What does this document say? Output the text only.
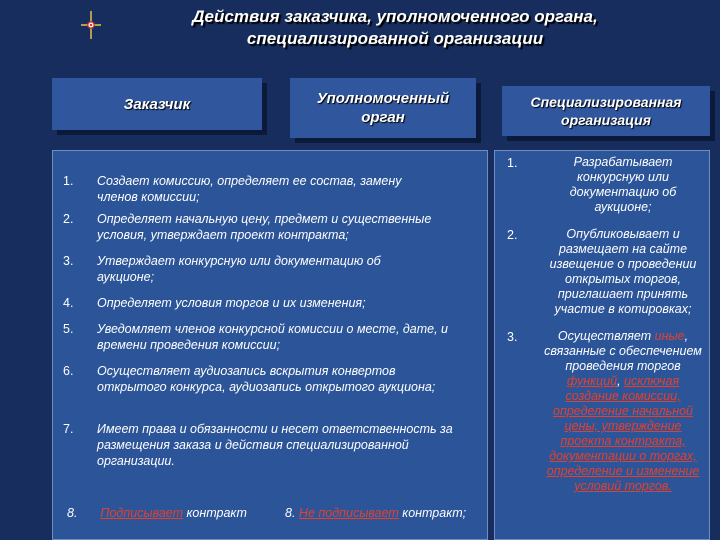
Действия заказчика, уполномоченного органа,
специализированной организации
Заказчик	Уполномоченный
орган
Специализированная
организация
1. Создает комиссию, определяет ее состав, замену членов комиссии;
2. Определяет начальную цену, предмет и существенные условия, утверждает проект контракта;
3. Утверждает конкурсную или документацию об аукционе;
4. Определяет условия торгов и их изменения;
5. Уведомляет членов конкурсной комиссии о месте, дате, и времени проведения комиссии;
6. Осуществляет аудиозапись вскрытия конвертов открытого конкурса, аудиозапись открытого аукциона;
7. Имеет права и обязанности и несет ответственность за размещения заказа и действия специализированной организации.
8. Подписывает контракт	8. Не подписывает контракт;
1.	Разрабатывает конкурсную или документацию об аукционе;
2.	Опубликовывает и размещает на сайте извещение о проведении открытых торгов, приглашает принять участие в котировках;
3.	Осуществляет иные, связанные с обеспечением проведения торгов функций, исключая создание комиссии, определение начальной цены, утверждение проекта контракта, документации о торгах, определение и изменение условий торгов.
